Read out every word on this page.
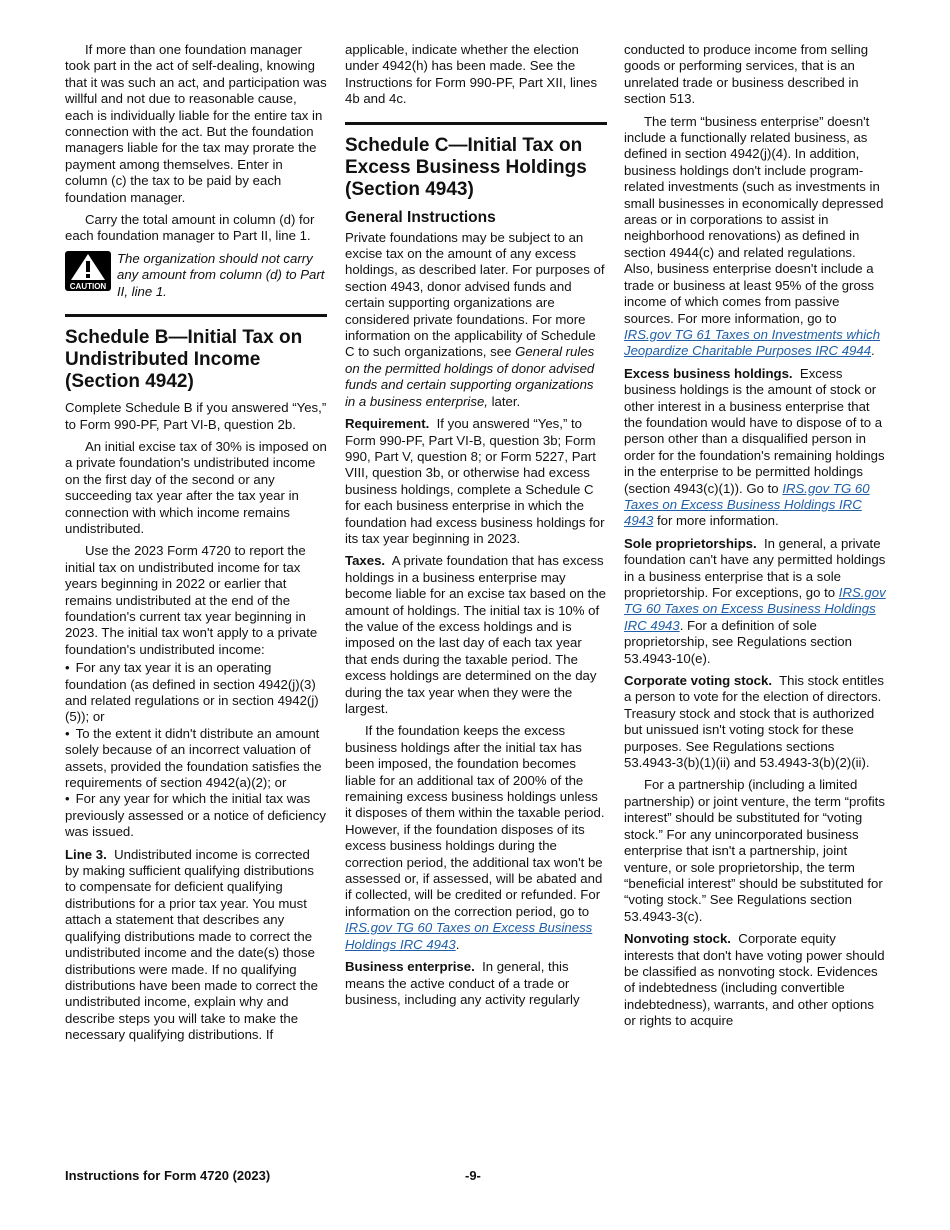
If more than one foundation manager took part in the act of self-dealing, knowing that it was such an act, and participation was willful and not due to reasonable cause, each is individually liable for the entire tax in connection with the act. But the foundation managers liable for the tax may prorate the payment among themselves. Enter in column (c) the tax to be paid by each foundation manager.

Carry the total amount in column (d) for each foundation manager to Part II, line 1.

CAUTION
The organization should not carry any amount from column (d) to Part II, line 1.
Schedule B—Initial Tax on Undistributed Income (Section 4942)

Complete Schedule B if you answered “Yes,” to Form 990-PF, Part VI-B, question 2b.

An initial excise tax of 30% is imposed on a private foundation's undistributed income on the first day of the second or any succeeding tax year after the tax year in connection with which income remains undistributed.

Use the 2023 Form 4720 to report the initial tax on undistributed income for tax years beginning in 2022 or earlier that remains undistributed at the end of the foundation's current tax year beginning in 2023. The initial tax won't apply to a private foundation's undistributed income:

• For any tax year it is an operating foundation (as defined in section 4942(j)(3) and related regulations or in section 4942(j)(5)); or
• To the extent it didn't distribute an amount solely because of an incorrect valuation of assets, provided the foundation satisfies the requirements of section 4942(a)(2); or
• For any year for which the initial tax was previously assessed or a notice of deficiency was issued.

Line 3. Undistributed income is corrected by making sufficient qualifying distributions to compensate for deficient qualifying distributions for a prior tax year. You must attach a statement that describes any qualifying distributions made to correct the undistributed income and the date(s) those distributions were made. If no qualifying distributions have been made to correct the undistributed income, explain why and describe steps you will take to make the necessary qualifying distributions. If

applicable, indicate whether the election under 4942(h) has been made. See the Instructions for Form 990-PF, Part XII, lines 4b and 4c.

Schedule C—Initial Tax on Excess Business Holdings (Section 4943)
General Instructions

Private foundations may be subject to an excise tax on the amount of any excess holdings, as described later. For purposes of section 4943, donor advised funds and certain supporting organizations are considered private foundations. For more information on the applicability of Schedule C to such organizations, see General rules on the permitted holdings of donor advised funds and certain supporting organizations in a business enterprise, later.

Requirement. If you answered “Yes,” to Form 990-PF, Part VI-B, question 3b; Form 990, Part V, question 8; or Form 5227, Part VIII, question 3b, or otherwise had excess business holdings, complete a Schedule C for each business enterprise in which the foundation had excess business holdings for its tax year beginning in 2023.

Taxes. A private foundation that has excess holdings in a business enterprise may become liable for an excise tax based on the amount of holdings. The initial tax is 10% of the value of the excess holdings and is imposed on the last day of each tax year that ends during the taxable period. The excess holdings are determined on the day during the tax year when they were the largest.

If the foundation keeps the excess business holdings after the initial tax has been imposed, the foundation becomes liable for an additional tax of 200% of the remaining excess business holdings unless it disposes of them within the taxable period. However, if the foundation disposes of its excess business holdings during the correction period, the additional tax won't be assessed or, if assessed, will be abated and if collected, will be credited or refunded. For information on the correction period, go to IRS.gov TG 60 Taxes on Excess Business Holdings IRC 4943.

Business enterprise. In general, this means the active conduct of a trade or business, including any activity regularly

conducted to produce income from selling goods or performing services, that is an unrelated trade or business described in section 513.

The term “business enterprise” doesn't include a functionally related business, as defined in section 4942(j)(4). In addition, business holdings don't include program-related investments (such as investments in small businesses in economically depressed areas or in corporations to assist in neighborhood renovations) as defined in section 4944(c) and related regulations. Also, business enterprise doesn't include a trade or business at least 95% of the gross income of which comes from passive sources. For more information, go to IRS.gov TG 61 Taxes on Investments which Jeopardize Charitable Purposes IRC 4944.

Excess business holdings. Excess business holdings is the amount of stock or other interest in a business enterprise that the foundation would have to dispose of to a person other than a disqualified person in order for the foundation's remaining holdings in the enterprise to be permitted holdings (section 4943(c)(1)). Go to IRS.gov TG 60 Taxes on Excess Business Holdings IRC 4943 for more information.

Sole proprietorships. In general, a private foundation can't have any permitted holdings in a business enterprise that is a sole proprietorship. For exceptions, go to IRS.gov TG 60 Taxes on Excess Business Holdings IRC 4943. For a definition of sole proprietorship, see Regulations section 53.4943-10(e).

Corporate voting stock. This stock entitles a person to vote for the election of directors. Treasury stock and stock that is authorized but unissued isn't voting stock for these purposes. See Regulations sections 53.4943-3(b)(1)(ii) and 53.4943-3(b)(2)(ii).

For a partnership (including a limited partnership) or joint venture, the term “profits interest” should be substituted for “voting stock.” For any unincorporated business enterprise that isn't a partnership, joint venture, or sole proprietorship, the term “beneficial interest” should be substituted for “voting stock.” See Regulations section 53.4943-3(c).

Nonvoting stock. Corporate equity interests that don't have voting power should be classified as nonvoting stock. Evidences of indebtedness (including convertible indebtedness), warrants, and other options or rights to acquire

Instructions for Form 4720 (2023)	-9-
